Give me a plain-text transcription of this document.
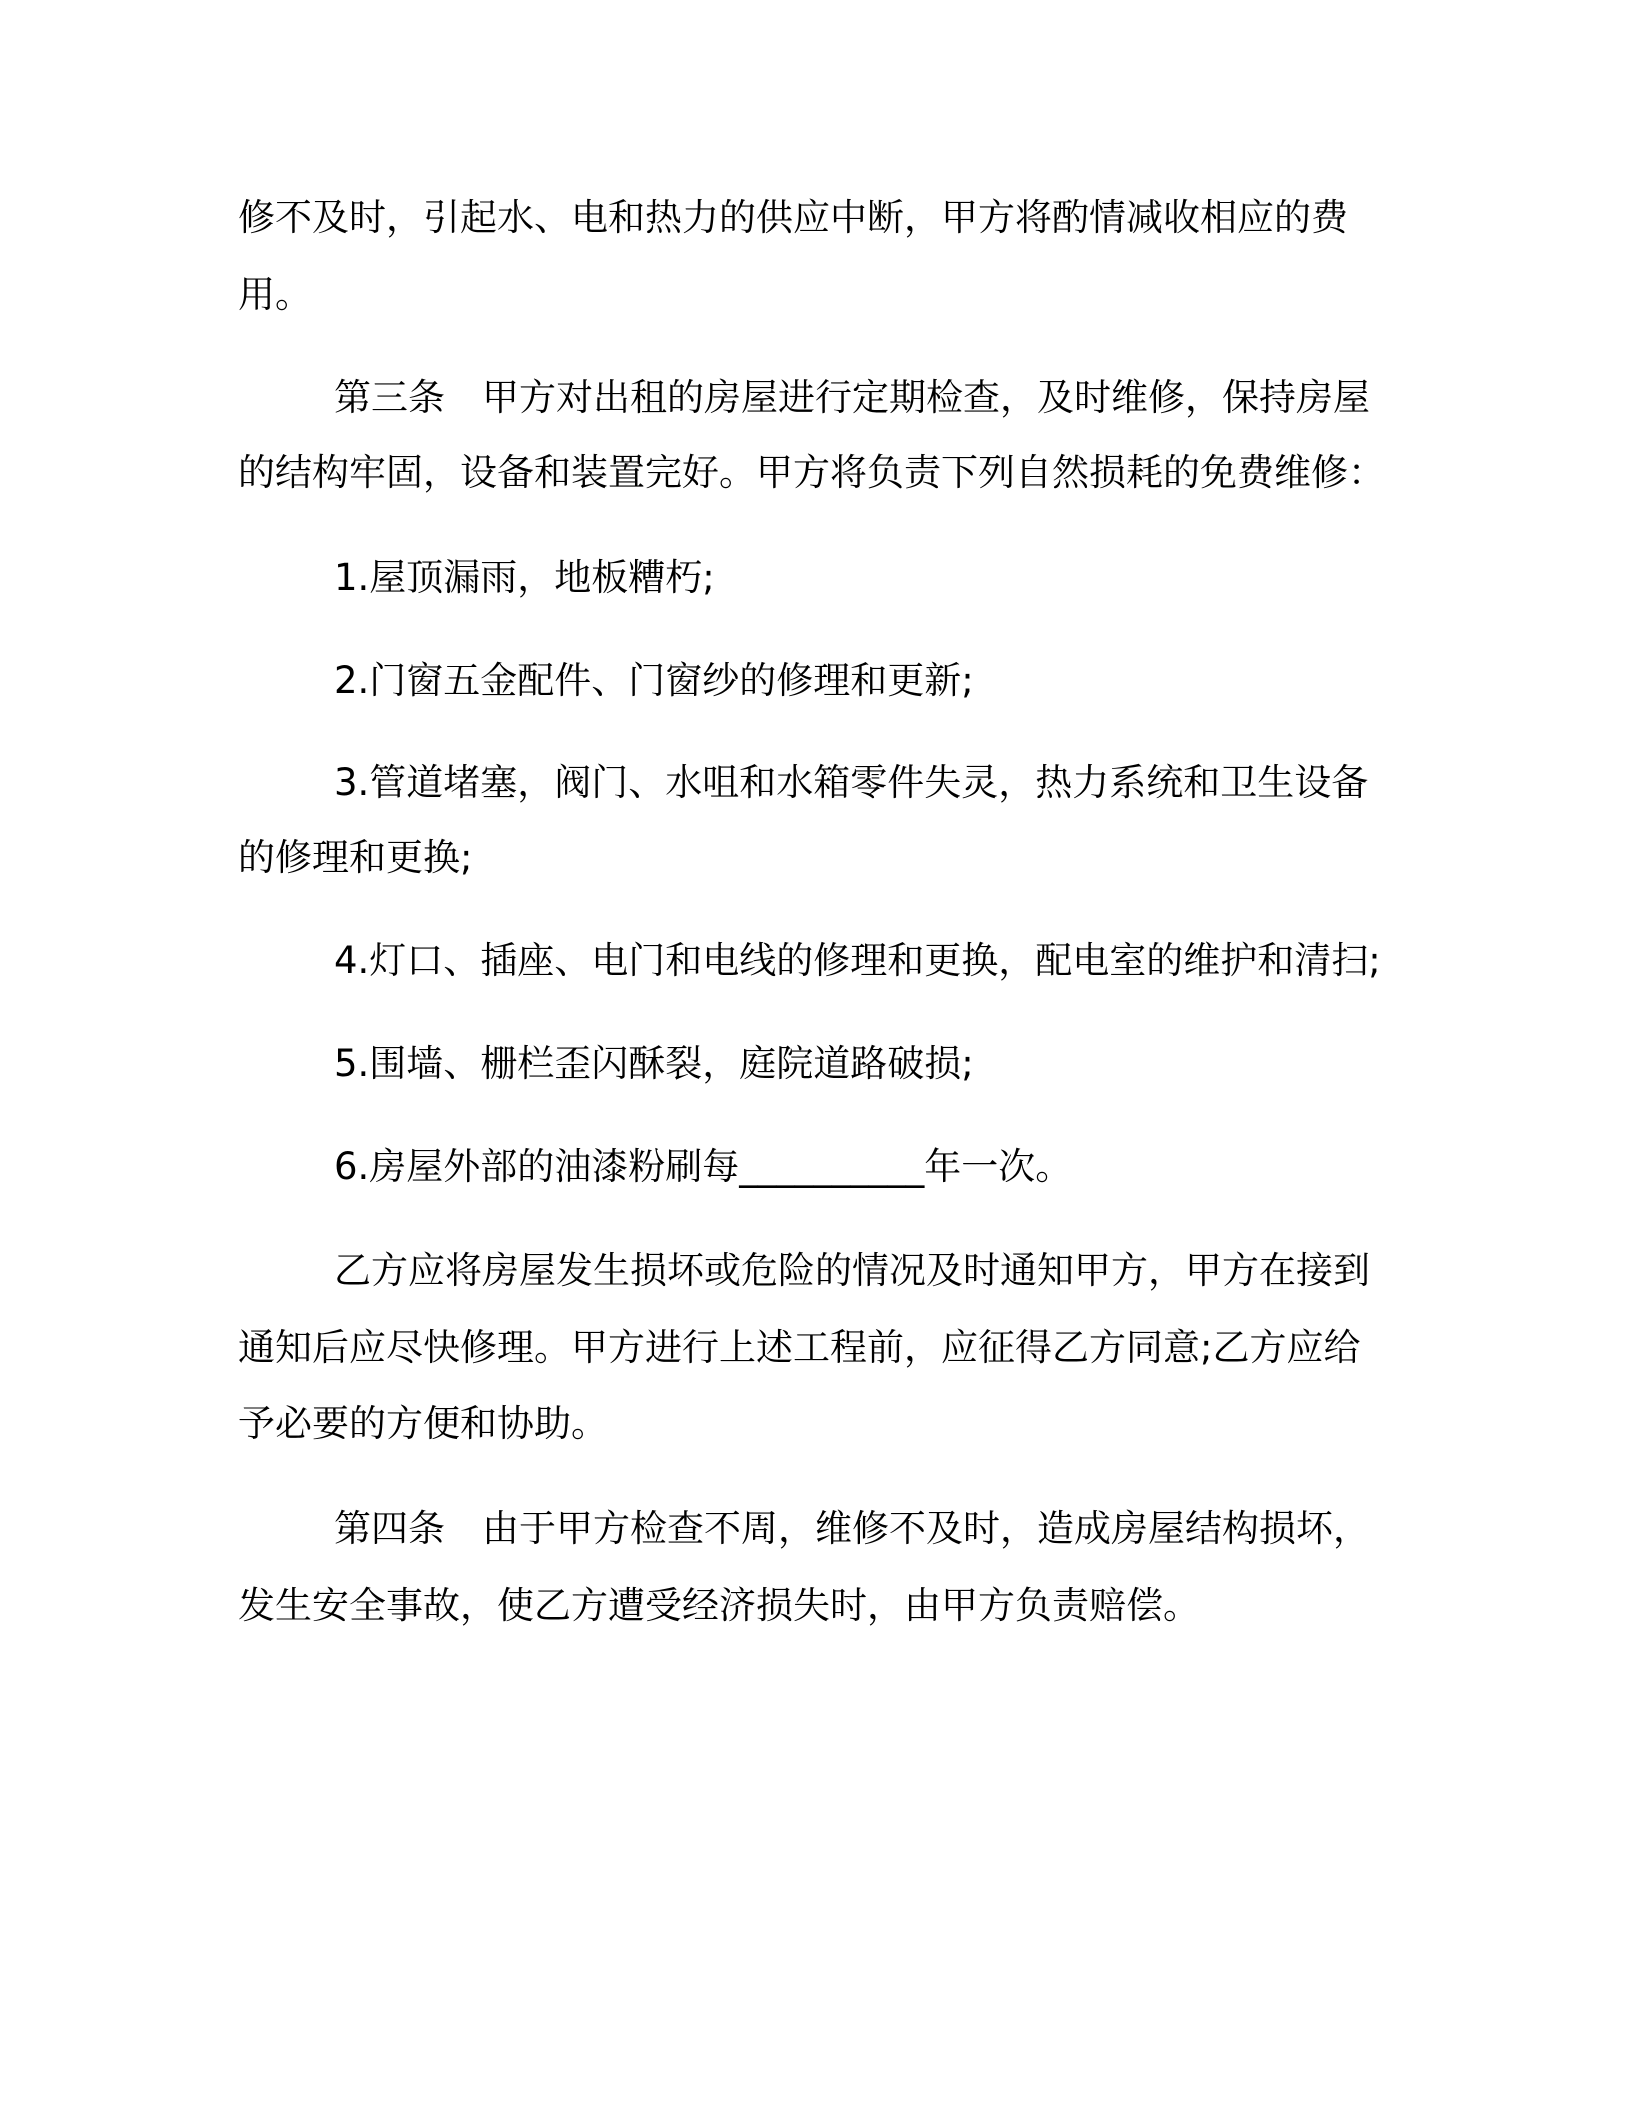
修不及时，引起水、电和热力的供应中断，甲方将酌情减收相应的费
用。
第三条　甲方对出租的房屋进行定期检查，及时维修，保持房屋
的结构牢固，设备和装置完好。甲方将负责下列自然损耗的免费维修：
1.屋顶漏雨，地板糟朽;
2.门窗五金配件、门窗纱的修理和更新;
3.管道堵塞，阀门、水咀和水箱零件失灵，热力系统和卫生设备
的修理和更换;
4.灯口、插座、电门和电线的修理和更换，配电室的维护和清扫;
5.围墙、栅栏歪闪酥裂，庭院道路破损;
6.房屋外部的油漆粉刷每__________年一次。
乙方应将房屋发生损坏或危险的情况及时通知甲方，甲方在接到
通知后应尽快修理。甲方进行上述工程前，应征得乙方同意;乙方应给
予必要的方便和协助。
第四条　由于甲方检查不周，维修不及时，造成房屋结构损坏，
发生安全事故，使乙方遭受经济损失时，由甲方负责赔偿。
